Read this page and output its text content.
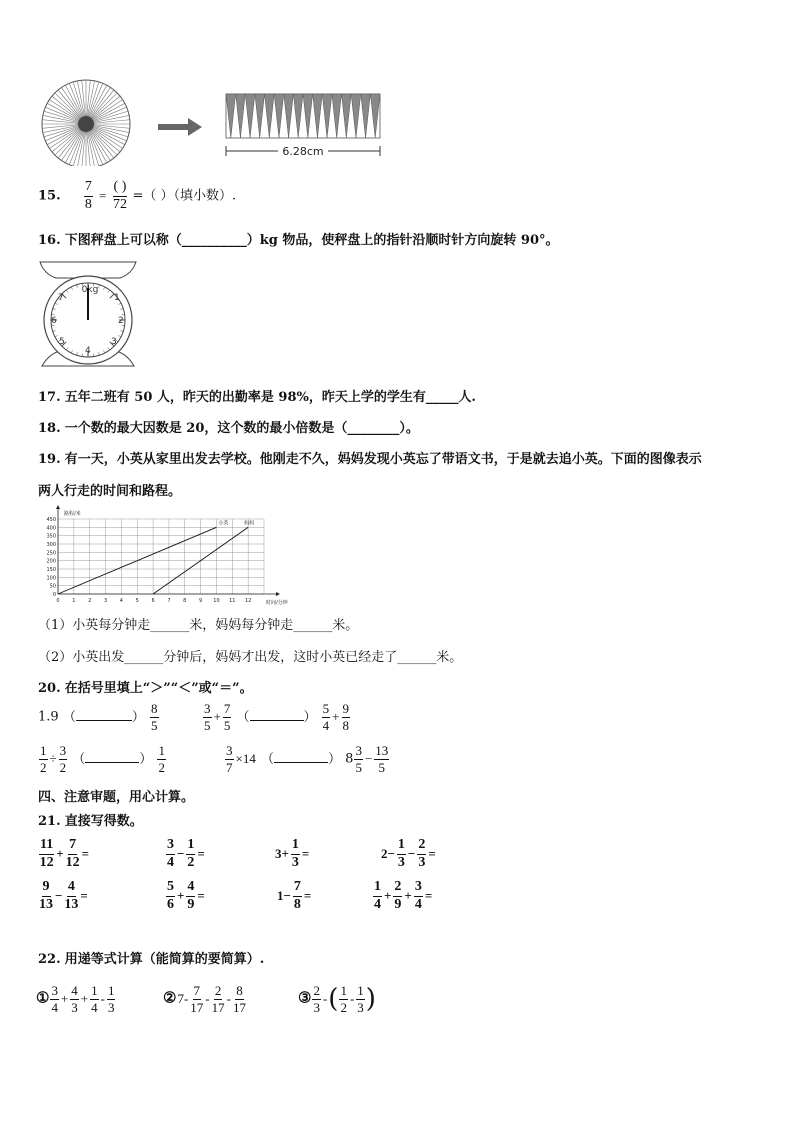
6.28cm
15. $\frac{7}{8} = \frac{( )}{72}$ =（ ）（填小数）.
16. 下图秤盘上可以称（__________）kg 物品，使秤盘上的指针沿顺时针方向旋转 90°。
0kg
1
2
3
4
5
6
7
17. 五年二班有 50 人，昨天的出勤率是 98%，昨天上学的学生有_____人.
18. 一个数的最大因数是 20，这个数的最小倍数是（________）。
19. 有一天，小英从家里出发去学校。他刚走不久，妈妈发现小英忘了带语文书，于是就去追小英。下面的图像表示
两人行走的时间和路程。
0
50
100
150
200
250
300
350
400
450
0	1	2	3	4	5	6	7	8	9 10 11 12
路程/米
时间/分钟
小英	妈妈
（1）小英每分钟走______米，妈妈每分钟走______米。
（2）小英出发______分钟后，妈妈才出发，这时小英已经走了______米。
20. 在括号里填上“＞”“＜”或“＝”。
1.9 （	） $\frac{8}{5}$	$\frac{3}{5} + \frac{7}{5}$ （	） $\frac{5}{4} + \frac{9}{8}$
$\frac{1}{2} \div \frac{3}{2}$ （	） $\frac{1}{2}$	$\frac{3}{7} \times 14$ （	） $8 \frac{3}{5} - \frac{13}{5}$
四、注意审题，用心计算。
21. 直接写得数。
$\frac{11}{12} + \frac{7}{12}$ =	$\frac{3}{4} - \frac{1}{2}$ =	$3+ \frac{1}{3}$ =	$2- \frac{1}{3} - \frac{2}{3}$ =
$\frac{9}{13} - \frac{4}{13}$ =	$\frac{5}{6} + \frac{4}{9}$ =	$1- \frac{7}{8}$ =	$\frac{1}{4} + \frac{2}{9} + \frac{3}{4}$ =
22. 用递等式计算（能简算的要简算）.
① $\frac{3}{4} + \frac{4}{3} + \frac{1}{4} - \frac{1}{3}$	②7- $\frac{7}{17} - \frac{2}{17} - \frac{8}{17}$	③ $\frac{2}{3}$ -( $\frac{1}{2} - \frac{1}{3}$ )
